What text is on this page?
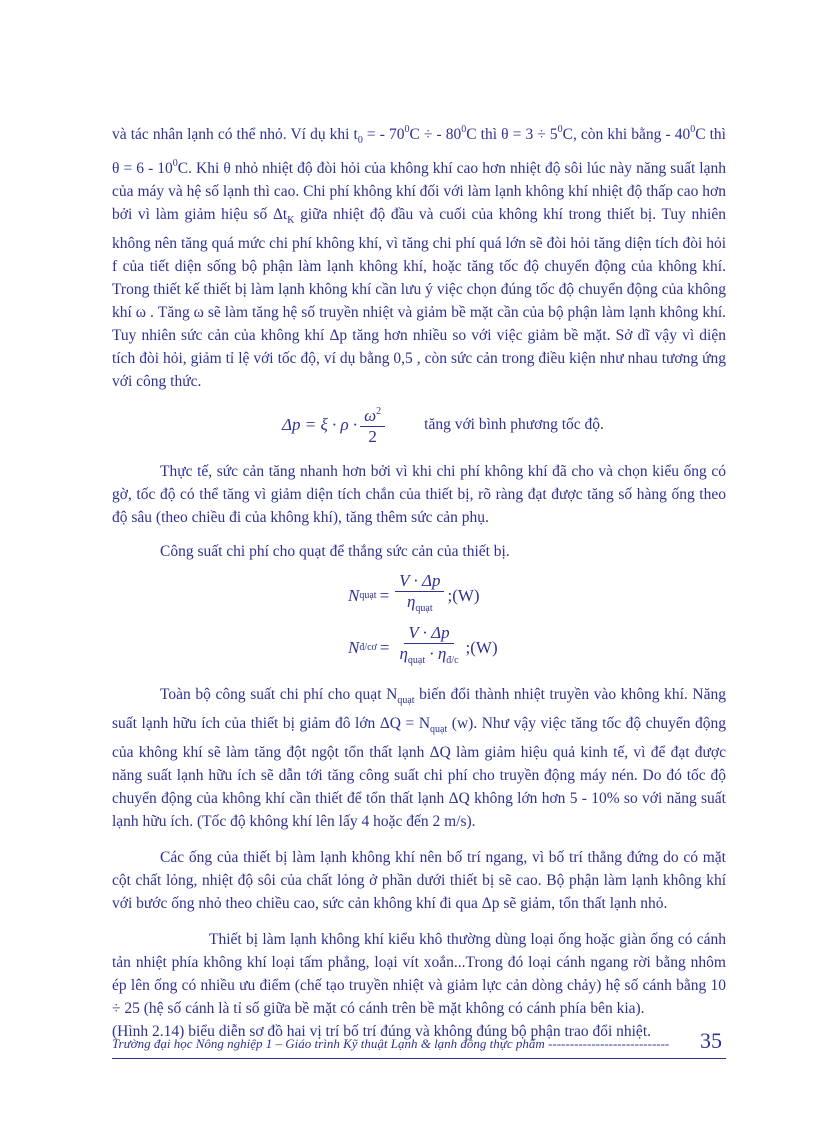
và tác nhân lạnh có thể nhỏ. Ví dụ khi $t_0$ = - $70^0C$ ÷ - $80^0C$ thì $\theta = 3 \div 5^0C$, còn khi bằng - $40^0C$ thì $\theta = 6 - 10^0C$. Khi θ nhỏ nhiệt độ đòi hỏi của không khí cao hơn nhiệt độ sôi lúc này năng suất lạnh của máy và hệ số lạnh thì cao. Chi phí không khí đối với làm lạnh không khí nhiệt độ thấp cao hơn bởi vì làm giảm hiệu số $\Delta t_K$ giữa nhiệt độ đầu và cuối của không khí trong thiết bị. Tuy nhiên không nên tăng quá mức chi phí không khí, vì tăng chi phí quá lớn sẽ đòi hỏi tăng diện tích đòi hỏi f của tiết diện sống bộ phận làm lạnh không khí, hoặc tăng tốc độ chuyển động của không khí. Trong thiết kế thiết bị làm lạnh không khí cần lưu ý việc chọn đúng tốc độ chuyển động của không khí ω . Tăng ω sẽ làm tăng hệ số truyền nhiệt và giảm bề mặt cần của bộ phận làm lạnh không khí. Tuy nhiên sức cản của không khí Δp tăng hơn nhiều so với việc giảm bề mặt. Sở dĩ vậy vì diện tích đòi hỏi, giảm tỉ lệ với tốc độ, ví dụ bằng 0,5 , còn sức cản trong điều kiện như nhau tương ứng với công thức.

$\Delta p = \xi \cdot \rho \cdot \frac{\omega^2}{2}$	tăng với bình phương tốc độ.

Thực tế, sức cản tăng nhanh hơn bởi vì khi chi phí không khí đã cho và chọn kiểu ống có gờ, tốc độ có thể tăng vì giảm diện tích chắn của thiết bị, rõ ràng đạt được tăng số hàng ống theo độ sâu (theo chiều đi của không khí), tăng thêm sức cản phụ.

Công suất chi phí cho quạt để thắng sức cản của thiết bị.

N quạt = $\frac{V \cdot \Delta p}{\eta_{quạt}}$ ;(W)
N đ/cơ = $\frac{V \cdot \Delta p}{\eta_{quạt} \cdot \eta_{đ/c}}$ ;(W)

Toàn bộ công suất chi phí cho quạt $N_{quạt}$ biến đổi thành nhiệt truyền vào không khí. Năng suất lạnh hữu ích của thiết bị giảm đô lớn $\Delta Q = N_{quạt}$ (w). Như vậy việc tăng tốc độ chuyển động của không khí sẽ làm tăng đột ngột tổn thất lạnh ΔQ làm giảm hiệu quả kinh tế, vì để đạt được năng suất lạnh hữu ích sẽ dẫn tới tăng công suất chi phí cho truyền động máy nén. Do đó tốc độ chuyển động của không khí cần thiết để tổn thất lạnh ΔQ không lớn hơn 5 - 10% so với năng suất lạnh hữu ích. (Tốc độ không khí lên lấy 4 hoặc đến 2 m/s).

Các ống của thiết bị làm lạnh không khí nên bố trí ngang, vì bố trí thẳng đứng do có mặt cột chất lỏng, nhiệt độ sôi của chất lỏng ở phần dưới thiết bị sẽ cao. Bộ phận làm lạnh không khí với bước ống nhỏ theo chiều cao, sức cản không khí đi qua Δp sẽ giảm, tổn thất lạnh nhỏ.

Thiết bị làm lạnh không khí kiểu khô thường dùng loại ống hoặc giàn ống có cánh tản nhiệt phía không khí loại tấm phẳng, loại vít xoắn...Trong đó loại cánh ngang rời bằng nhôm ép lên ống có nhiều ưu điểm (chế tạo truyền nhiệt và giảm lực cản dòng chảy) hệ số cánh bằng 10 ÷ 25 (hệ số cánh là tỉ số giữa bề mặt có cánh trên bề mặt không có cánh phía bên kia).

(Hình 2.14) biểu diễn sơ đồ hai vị trí bố trí đúng và không đúng bộ phận trao đổi nhiệt.

Trường đại học Nông nghiệp 1 – Giáo trình Kỹ thuật Lạnh & lạnh đông thực phẩm ---------------------------- 35
